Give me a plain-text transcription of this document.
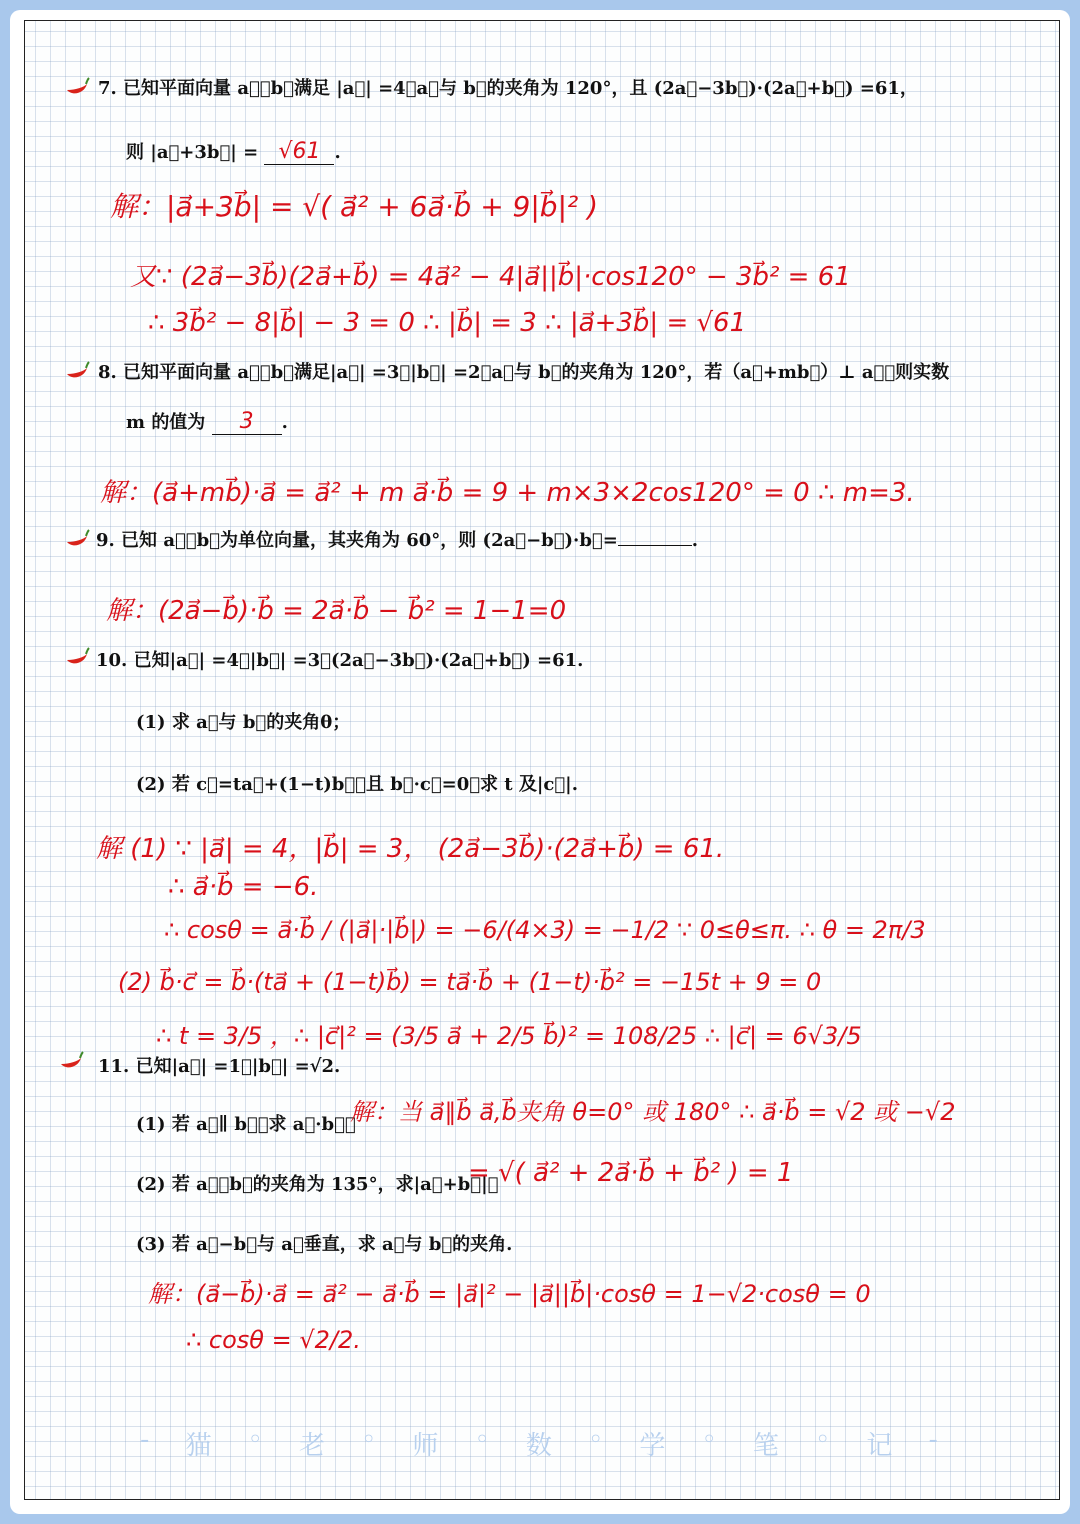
7. 已知平面向量 a⃗，b⃗满足 |a⃗| =4，a⃗与 b⃗的夹角为 120°，且 (2a⃗−3b⃗)·(2a⃗+b⃗) =61，
则 |a⃗+3b⃗| = √61 .
解：|a⃗+3b⃗| = √( a⃗² + 6a⃗·b⃗ + 9|b⃗|² )
又∵ (2a⃗−3b⃗)(2a⃗+b⃗) = 4a⃗² − 4|a⃗||b⃗|·cos120° − 3b⃗² = 61
∴ 3b⃗² − 8|b⃗| − 3 = 0 ∴ |b⃗| = 3 ∴ |a⃗+3b⃗| = √61
8. 已知平面向量 a⃗，b⃗满足|a⃗| =3，|b⃗| =2，a⃗与 b⃗的夹角为 120°，若（a⃗+mb⃗）⊥ a⃗，则实数
m 的值为 3 .
解：(a⃗+mb⃗)·a⃗ = a⃗² + m a⃗·b⃗ = 9 + m×3×2cos120° = 0 ∴ m=3.
9. 已知 a⃗，b⃗为单位向量，其夹角为 60°，则 (2a⃗−b⃗)·b⃗=	.
解：(2a⃗−b⃗)·b⃗ = 2a⃗·b⃗ − b⃗² = 1−1=0
10. 已知|a⃗| =4，|b⃗| =3，(2a⃗−3b⃗)·(2a⃗+b⃗) =61.
(1) 求 a⃗与 b⃗的夹角θ；
(2) 若 c⃗=ta⃗+(1−t)b⃗，且 b⃗·c⃗=0，求 t 及|c⃗|.
解 (1) ∵ |a⃗| = 4，|b⃗| = 3， (2a⃗−3b⃗)·(2a⃗+b⃗) = 61.
∴ a⃗·b⃗ = −6.
∴ cosθ = a⃗·b⃗ / (|a⃗|·|b⃗|) = −6/(4×3) = −1/2 ∵ 0≤θ≤π. ∴ θ = 2π/3
(2) b⃗·c⃗ = b⃗·(ta⃗ + (1−t)b⃗) = ta⃗·b⃗ + (1−t)·b⃗² = −15t + 9 = 0
∴ t = 3/5 ，∴ |c⃗|² = (3/5 a⃗ + 2/5 b⃗)² = 108/25 ∴ |c⃗| = 6√3/5
11. 已知|a⃗| =1，|b⃗| =√2.
(1) 若 a⃗∥ b⃗，求 a⃗·b⃗；
解：当 a⃗∥b⃗ a⃗,b⃗夹角 θ=0° 或 180° ∴ a⃗·b⃗ = √2 或 −√2
(2) 若 a⃗，b⃗的夹角为 135°，求|a⃗+b⃗|；
= √( a⃗² + 2a⃗·b⃗ + b⃗² ) = 1
(3) 若 a⃗−b⃗与 a⃗垂直，求 a⃗与 b⃗的夹角.
解：(a⃗−b⃗)·a⃗ = a⃗² − a⃗·b⃗ = |a⃗|² − |a⃗||b⃗|·cosθ = 1−√2·cosθ = 0
∴ cosθ = √2/2.
- 猫 ◦ 老 ◦ 师 ◦ 数 ◦ 学 ◦ 笔 ◦ 记 -
